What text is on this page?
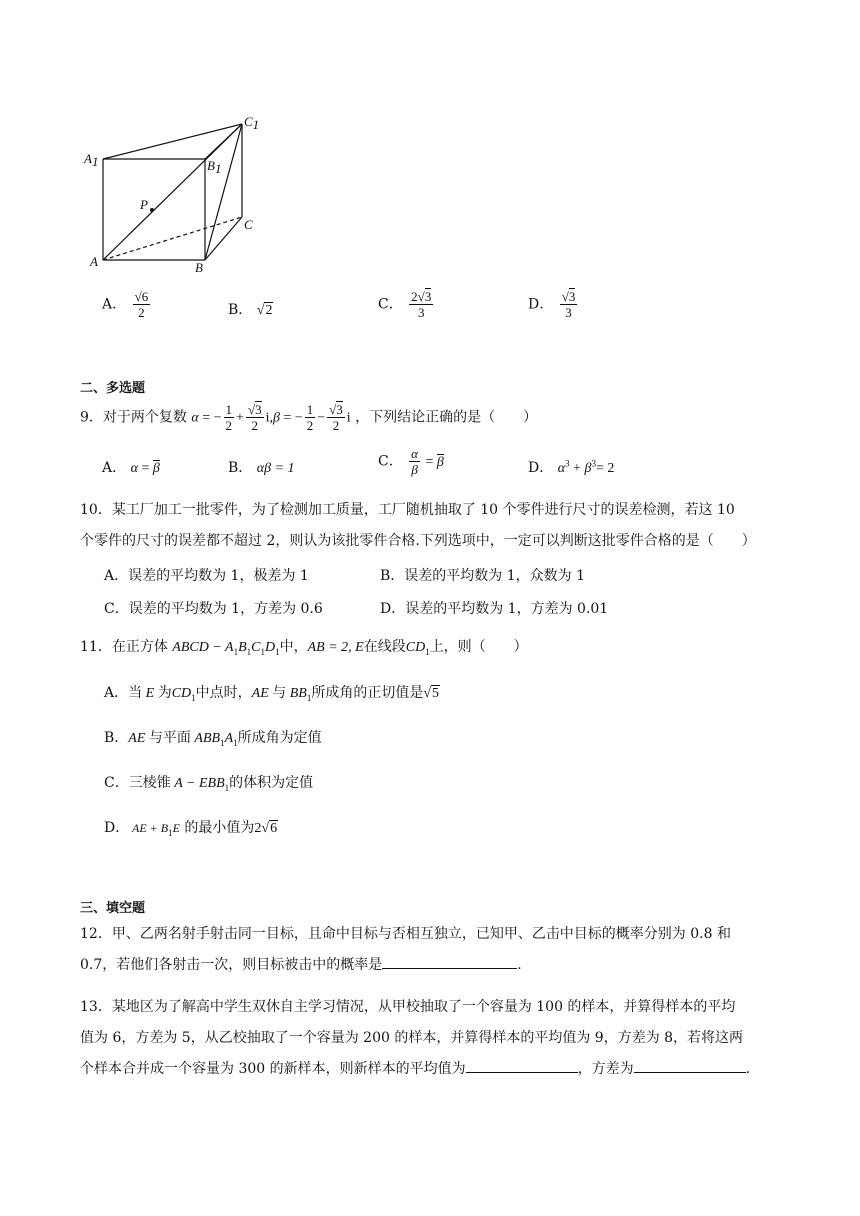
A1	B1
C1
P
C
A	B
A． $\frac{√6}{2}$	B． √2	C． $\frac{2√3}{3}$	D． $\frac{√3}{3}$
二、多选题
9．对于两个复数 α = − $\frac{1}{2} + \frac{√3}{2} i,\beta$ = − $\frac{1}{2} - \frac{√3}{2}$ i ，下列结论正确的是（　　）
A． α = β	B． αβ = 1	C． $\frac{\alpha}{\beta} = \beta$	D． $\alpha^3 + \beta^3= 2$
10．某工厂加工一批零件，为了检测加工质量，工厂随机抽取了 10 个零件进行尺寸的误差检测，若这 10
个零件的尺寸的误差都不超过 2，则认为该批零件合格.下列选项中，一定可以判断这批零件合格的是（　　）
A．误差的平均数为 1，极差为 1	B．误差的平均数为 1，众数为 1
C．误差的平均数为 1，方差为 0.6	D．误差的平均数为 1，方差为 0.01
11．在正方体 ABCD − $A_1B_1C_1D_1$中，AB = 2, E在线段$CD_1$上，则（　　）
A．当 E 为$CD_1$中点时，AE 与 $BB_1$所成角的正切值是√5
B．AE 与平面 $ABB_1A_1$所成角为定值
C．三棱锥 $A - EBB_1$的体积为定值
D． AE + $B_1E$ 的最小值为2√6
三、填空题
12．甲、乙两名射手射击同一目标，且命中目标与否相互独立，已知甲、乙击中目标的概率分别为 0.8 和
0.7，若他们各射击一次，则目标被击中的概率是	.
13．某地区为了解高中学生双休自主学习情况，从甲校抽取了一个容量为 100 的样本，并算得样本的平均
值为 6，方差为 5，从乙校抽取了一个容量为 200 的样本，并算得样本的平均值为 9，方差为 8，若将这两
个样本合并成一个容量为 300 的新样本，则新样本的平均值为	，方差为	.
